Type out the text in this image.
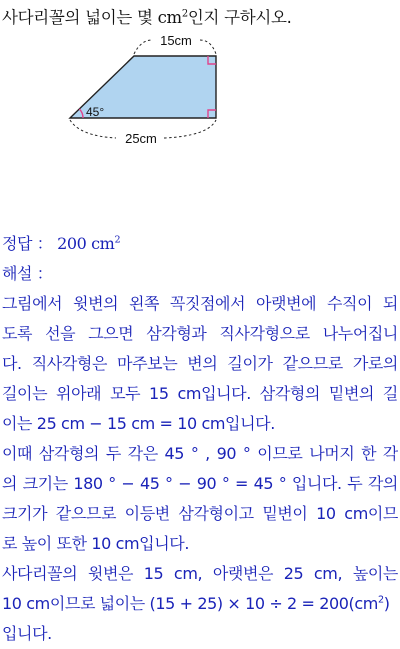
사다리꼴의 넓이는 몇 $cm^2$인지 구하시오.
15cm
25cm
45°
정답 ： 200 $cm^2$
해설 ：
그림에서 윗변의 왼쪽 꼭짓점에서 아랫변에 수직이 되
도록 선을 그으면 삼각형과 직사각형으로 나누어집니
다. 직사각형은 마주보는 변의 길이가 같으므로 가로의
길이는 위아래 모두 15 cm입니다. 삼각형의 밑변의 길
이는 25 cm − 15 cm = 10 cm입니다.
이때 삼각형의 두 각은 45 ° , 90 ° 이므로 나머지 한 각
의 크기는 180 ° − 45 ° − 90 ° = 45 ° 입니다. 두 각의
크기가 같으므로 이등변 삼각형이고 밑변이 10 cm이므
로 높이 또한 10 cm입니다.
사다리꼴의 윗변은 15 cm, 아랫변은 25 cm, 높이는
10 cm이므로 넓이는 $(15 + 25) \times 10 \div 2 = 200(cm^2)$
입니다.
